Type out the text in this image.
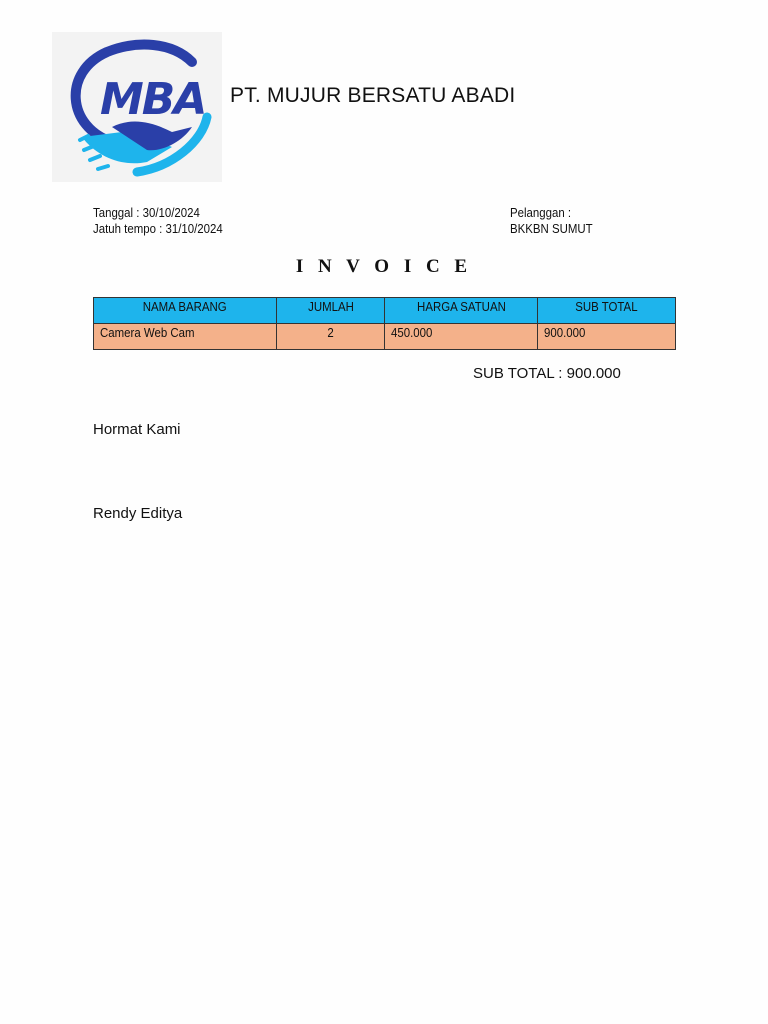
MBA PT. MUJUR BERSATU ABADI
Tanggal : 30/10/2024
Jatuh tempo : 31/10/2024
Pelanggan :
BKKBN SUMUT
I N V O I C E
NAMA BARANG	JUMLAH	HARGA SATUAN	SUB TOTAL
Camera Web Cam	2	450.000	900.000
SUB TOTAL : 900.000
Hormat Kami
Rendy Editya
